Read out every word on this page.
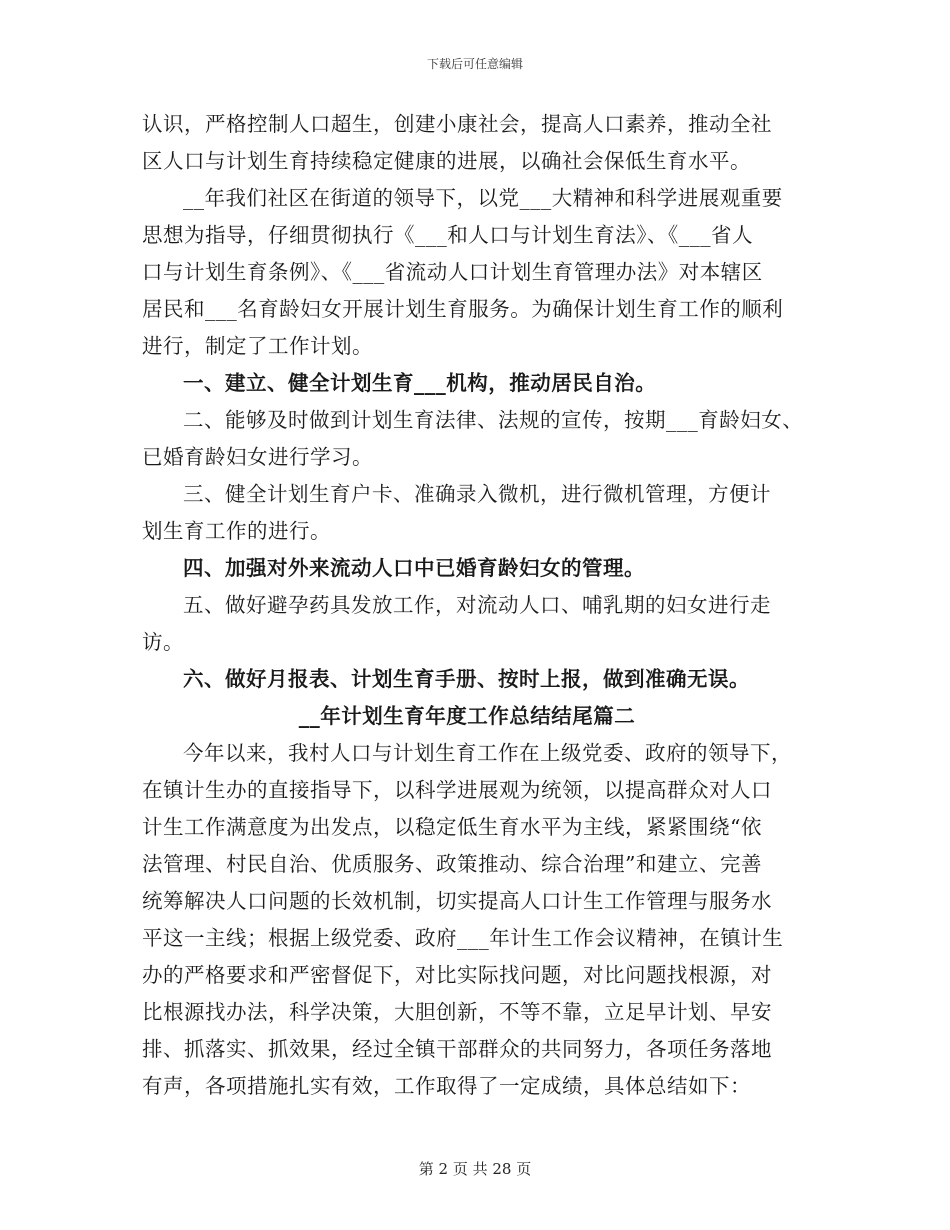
下载后可任意编辑
认识，严格控制人口超生，创建小康社会，提高人口素养，推动全社
区人口与计划生育持续稳定健康的进展，以确社会保低生育水平。
__年我们社区在街道的领导下，以党___大精神和科学进展观重要
思想为指导，仔细贯彻执行《___和人口与计划生育法》、《___省人
口与计划生育条例》、《___省流动人口计划生育管理办法》对本辖区
居民和___名育龄妇女开展计划生育服务。为确保计划生育工作的顺利
进行，制定了工作计划。
一、建立、健全计划生育___机构，推动居民自治。
二、能够及时做到计划生育法律、法规的宣传，按期___育龄妇女、
已婚育龄妇女进行学习。
三、健全计划生育户卡、准确录入微机，进行微机管理，方便计
划生育工作的进行。
四、加强对外来流动人口中已婚育龄妇女的管理。
五、做好避孕药具发放工作，对流动人口、哺乳期的妇女进行走
访。
六、做好月报表、计划生育手册、按时上报，做到准确无误。
__年计划生育年度工作总结结尾篇二
今年以来，我村人口与计划生育工作在上级党委、政府的领导下，
在镇计生办的直接指导下，以科学进展观为统领，以提高群众对人口
计生工作满意度为出发点，以稳定低生育水平为主线，紧紧围绕“依
法管理、村民自治、优质服务、政策推动、综合治理”和建立、完善
统筹解决人口问题的长效机制，切实提高人口计生工作管理与服务水
平这一主线；根据上级党委、政府___年计生工作会议精神，在镇计生
办的严格要求和严密督促下，对比实际找问题，对比问题找根源，对
比根源找办法，科学决策，大胆创新，不等不靠，立足早计划、早安
排、抓落实、抓效果，经过全镇干部群众的共同努力，各项任务落地
有声，各项措施扎实有效，工作取得了一定成绩，具体总结如下：
第 2 页 共 28 页
